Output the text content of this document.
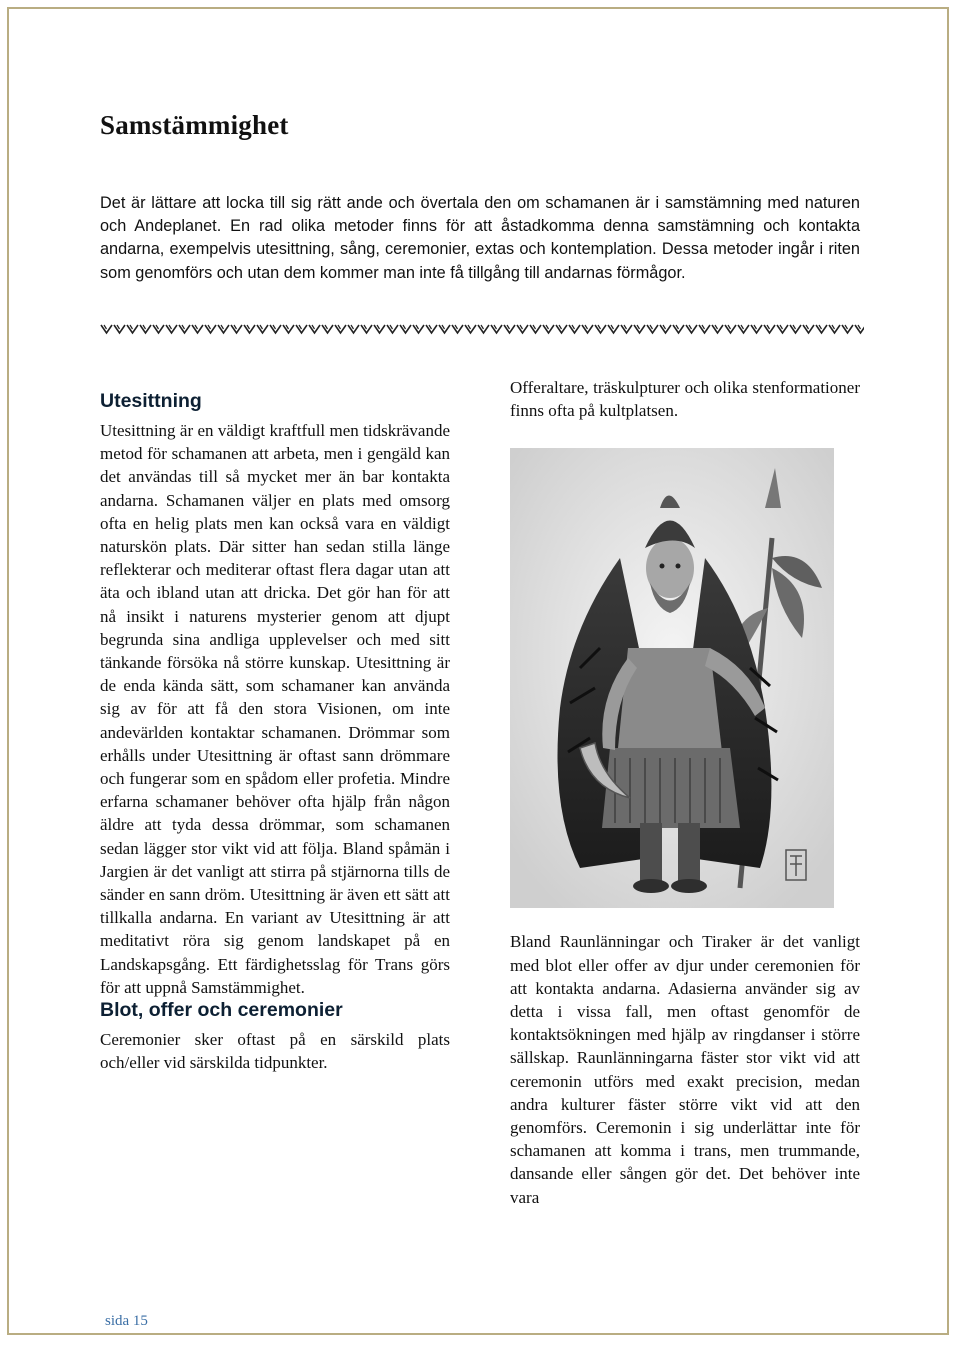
Samstämmighet

Det är lättare att locka till sig rätt ande och övertala den om schamanen är i samstämning med naturen och Andeplanet. En rad olika metoder finns för att åstadkomma denna samstämning och kontakta andarna, exempelvis utesittning, sång, ceremonier, extas och kontemplation. Dessa metoder ingår i riten som genomförs och utan dem kommer man inte få tillgång till andarnas förmågor.

Utesittning

Utesittning är en väldigt kraftfull men tidskrävande metod för schamanen att arbeta, men i gengäld kan det användas till så mycket mer än bar kontakta andarna. Schamanen väljer en plats med omsorg ofta en helig plats men kan också vara en väldigt naturskön plats. Där sitter han sedan stilla länge reflekterar och mediterar oftast flera dagar utan att äta och ibland utan att dricka. Det gör han för att nå insikt i naturens mysterier genom att djupt begrunda sina andliga upplevelser och med sitt tänkande försöka nå större kunskap. Utesittning är de enda kända sätt, som schamaner kan använda sig av för att få den stora Visionen, om inte andevärlden kontaktar schamanen. Drömmar som erhålls under Utesittning är oftast sann drömmare och fungerar som en spådom eller profetia. Mindre erfarna schamaner behöver ofta hjälp från någon äldre att tyda dessa drömmar, som schamanen sedan lägger stor vikt vid att följa. Bland spåmän i Jargien är det vanligt att stirra på stjärnorna tills de sänder en sann dröm. Utesittning är även ett sätt att tillkalla andarna. En variant av Utesittning är att meditativt röra sig genom landskapet på en Landskapsgång. Ett färdighetsslag för Trans görs för att uppnå Samstämmighet.

Blot, offer och ceremonier

Ceremonier sker oftast på en särskild plats och/eller vid särskilda tidpunkter.

Offeraltare, träskulpturer och olika stenformationer finns ofta på kultplatsen.

Bland Raunlänningar och Tiraker är det vanligt med blot eller offer av djur under ceremonien för att kontakta andarna. Adasierna använder sig av detta i vissa fall, men oftast genomför de kontaktsökningen med hjälp av ringdanser i större sällskap. Raunlänningarna fäster stor vikt vid att ceremonin utförs med exakt precision, medan andra kulturer fäster större vikt vid att den genomförs. Ceremonin i sig underlättar inte för schamanen att komma i trans, men trummande, dansande eller sången gör det. Det behöver inte vara

sida 15
